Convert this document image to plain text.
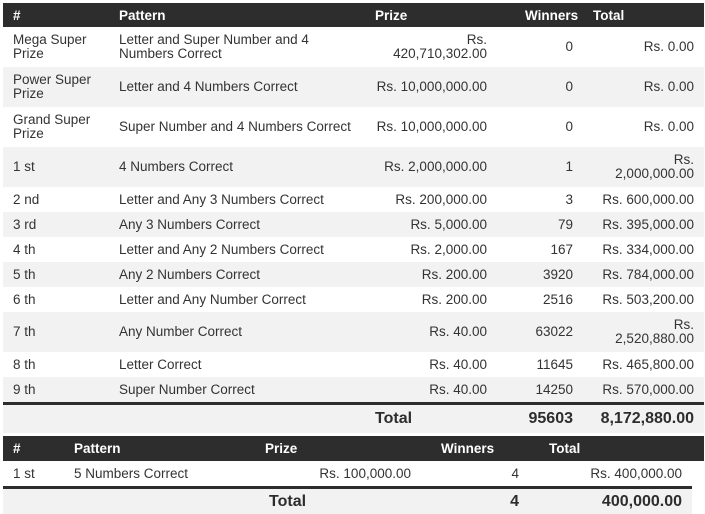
#	Pattern	Prize	Winners	Total
Mega Super Prize	Letter and Super Number and 4 Numbers Correct	Rs. 420,710,302.00	0	Rs. 0.00
Power Super Prize	Letter and 4 Numbers Correct	Rs. 10,000,000.00	0	Rs. 0.00
Grand Super Prize	Super Number and 4 Numbers Correct	Rs. 10,000,000.00	0	Rs. 0.00
1 st	4 Numbers Correct	Rs. 2,000,000.00	1	Rs. 2,000,000.00
2 nd	Letter and Any 3 Numbers Correct	Rs. 200,000.00	3	Rs. 600,000.00
3 rd	Any 3 Numbers Correct	Rs. 5,000.00	79	Rs. 395,000.00
4 th	Letter and Any 2 Numbers Correct	Rs. 2,000.00	167	Rs. 334,000.00
5 th	Any 2 Numbers Correct	Rs. 200.00	3920	Rs. 784,000.00
6 th	Letter and Any Number Correct	Rs. 200.00	2516	Rs. 503,200.00
7 th	Any Number Correct	Rs. 40.00	63022	Rs. 2,520,880.00
8 th	Letter Correct	Rs. 40.00	11645	Rs. 465,800.00
9 th	Super Number Correct	Rs. 40.00	14250	Rs. 570,000.00
		Total	95603	8,172,880.00
#	Pattern	Prize	Winners	Total	
1 st	5 Numbers Correct	Rs. 100,000.00	4	Rs. 400,000.00	
		Total	4	400,000.00	
